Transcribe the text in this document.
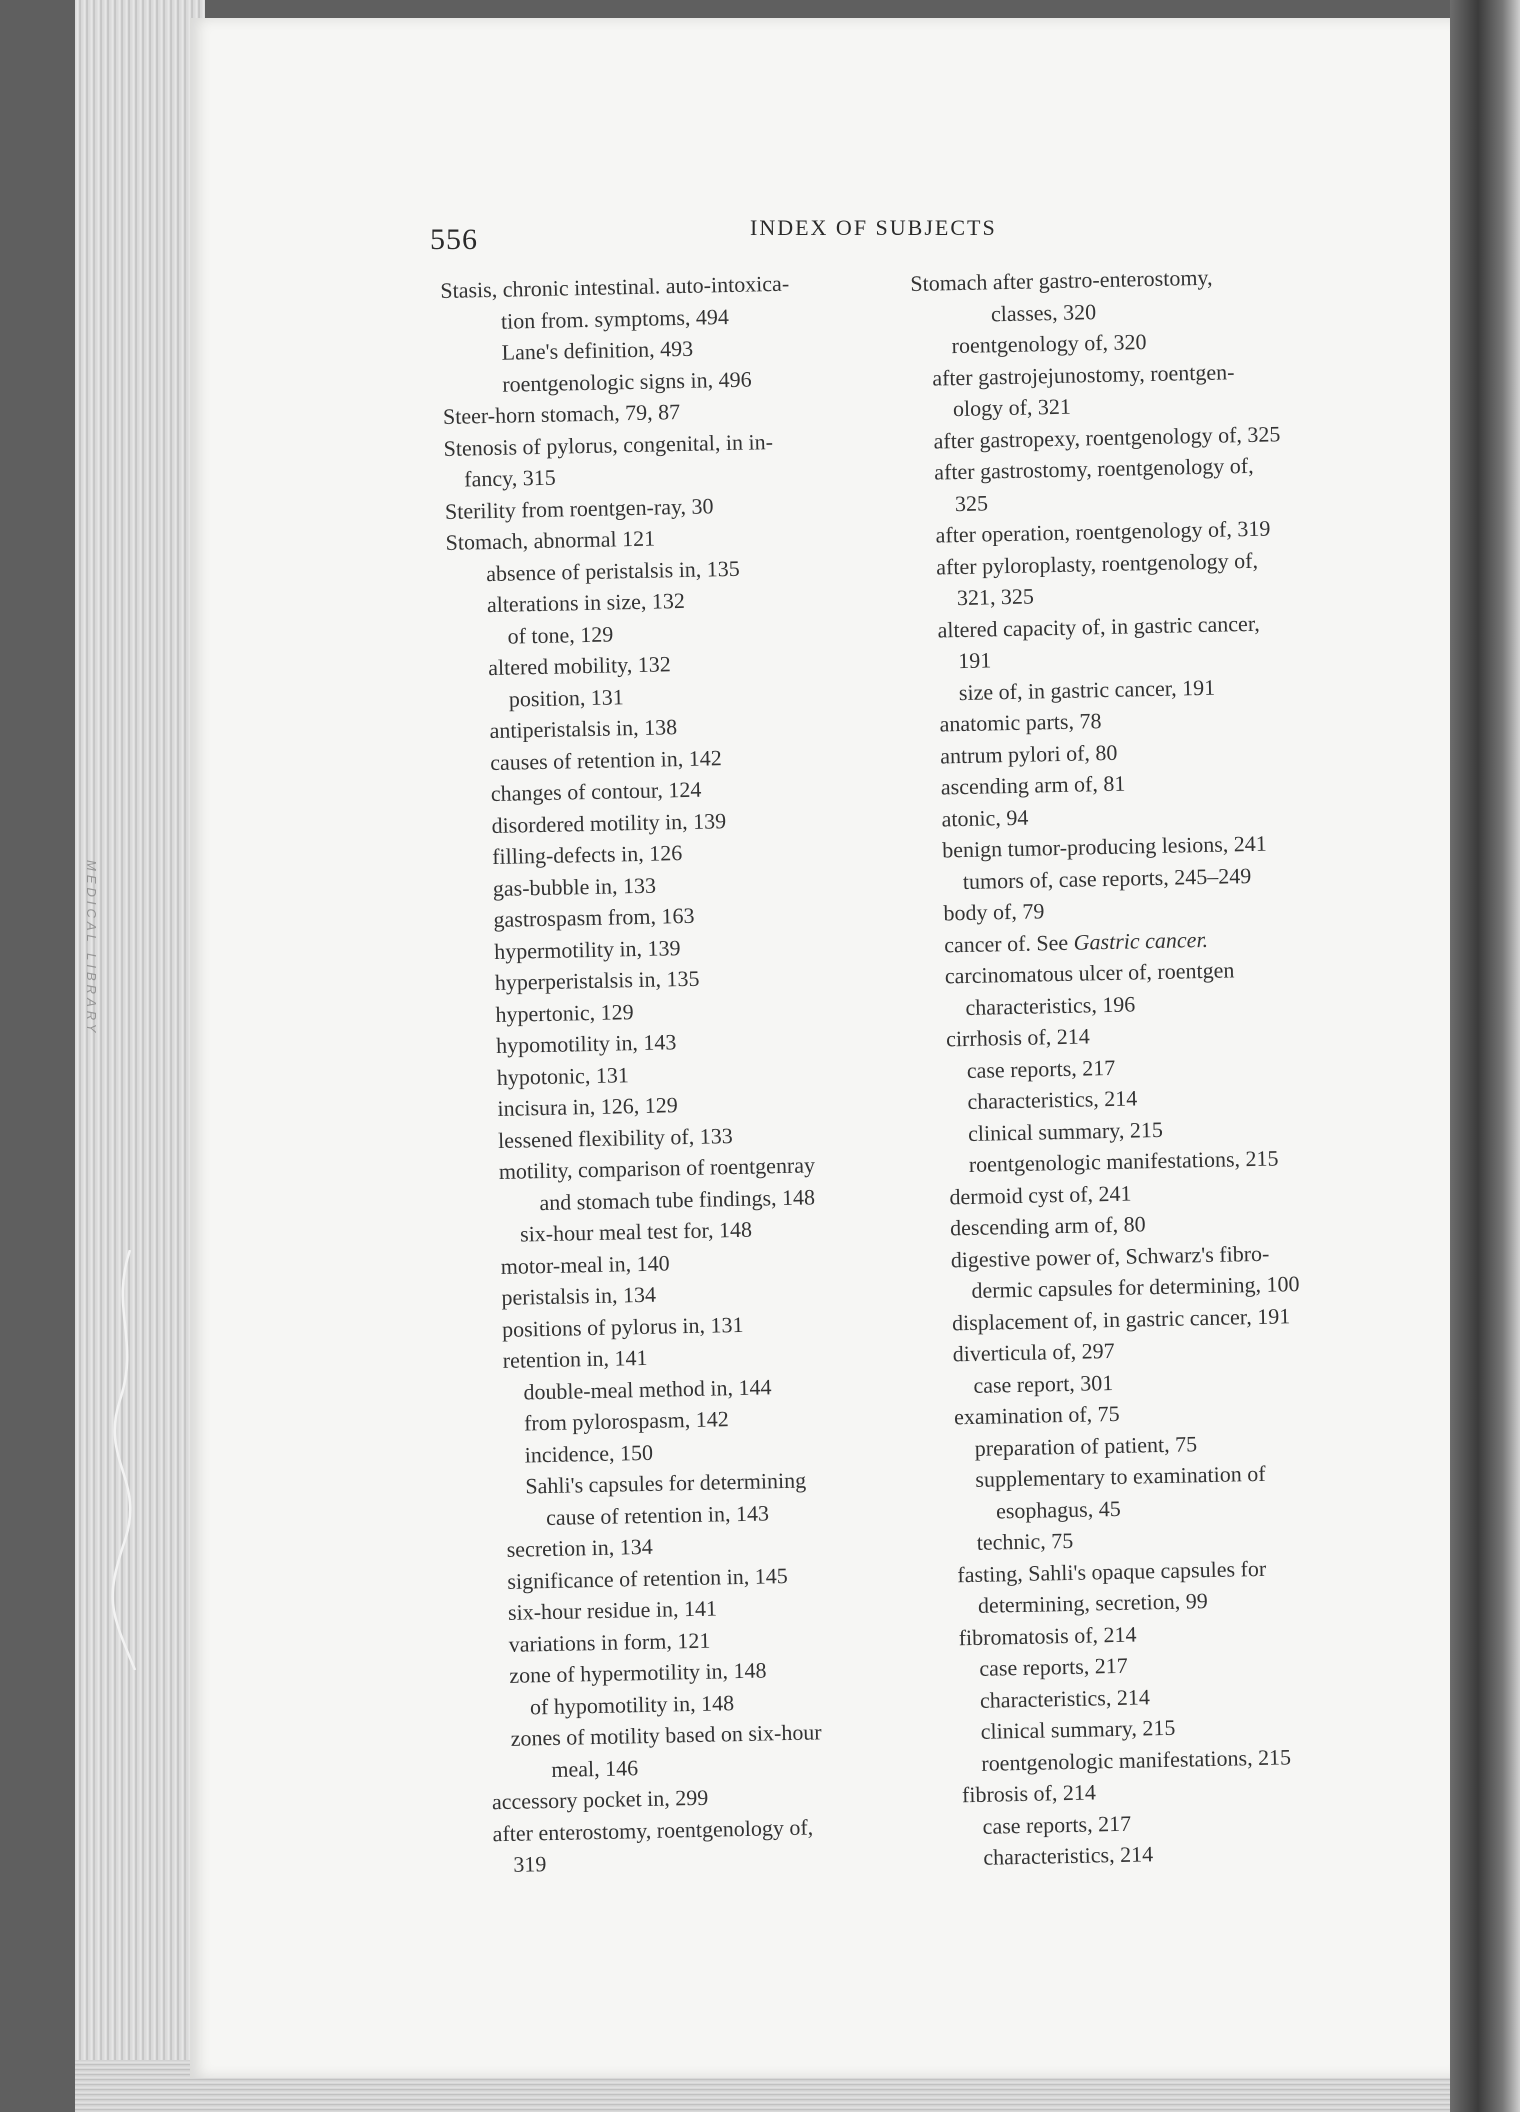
MEDICAL LIBRARY
556	INDEX OF SUBJECTS
Stasis, chronic intestinal. auto-intoxica-
tion from. symptoms, 494
Lane's definition, 493
roentgenologic signs in, 496
Steer-horn stomach, 79, 87
Stenosis of pylorus, congenital, in in-
fancy, 315
Sterility from roentgen-ray, 30
Stomach, abnormal 121
absence of peristalsis in, 135
alterations in size, 132
of tone, 129
altered mobility, 132
position, 131
antiperistalsis in, 138
causes of retention in, 142
changes of contour, 124
disordered motility in, 139
filling-defects in, 126
gas-bubble in, 133
gastrospasm from, 163
hypermotility in, 139
hyperperistalsis in, 135
hypertonic, 129
hypomotility in, 143
hypotonic, 131
incisura in, 126, 129
lessened flexibility of, 133
motility, comparison of roentgenray
and stomach tube findings, 148
six-hour meal test for, 148
motor-meal in, 140
peristalsis in, 134
positions of pylorus in, 131
retention in, 141
double-meal method in, 144
from pylorospasm, 142
incidence, 150
Sahli's capsules for determining
cause of retention in, 143
secretion in, 134
significance of retention in, 145
six-hour residue in, 141
variations in form, 121
zone of hypermotility in, 148
of hypomotility in, 148
zones of motility based on six-hour
meal, 146
accessory pocket in, 299
after enterostomy, roentgenology of,
319
Stomach after gastro-enterostomy,
classes, 320
roentgenology of, 320
after gastrojejunostomy, roentgen-
ology of, 321
after gastropexy, roentgenology of, 325
after gastrostomy, roentgenology of,
325
after operation, roentgenology of, 319
after pyloroplasty, roentgenology of,
321, 325
altered capacity of, in gastric cancer,
191
size of, in gastric cancer, 191
anatomic parts, 78
antrum pylori of, 80
ascending arm of, 81
atonic, 94
benign tumor-producing lesions, 241
tumors of, case reports, 245–249
body of, 79
cancer of. See Gastric cancer.
carcinomatous ulcer of, roentgen
characteristics, 196
cirrhosis of, 214
case reports, 217
characteristics, 214
clinical summary, 215
roentgenologic manifestations, 215
dermoid cyst of, 241
descending arm of, 80
digestive power of, Schwarz's fibro-
dermic capsules for determining, 100
displacement of, in gastric cancer, 191
diverticula of, 297
case report, 301
examination of, 75
preparation of patient, 75
supplementary to examination of
esophagus, 45
technic, 75
fasting, Sahli's opaque capsules for
determining, secretion, 99
fibromatosis of, 214
case reports, 217
characteristics, 214
clinical summary, 215
roentgenologic manifestations, 215
fibrosis of, 214
case reports, 217
characteristics, 214
